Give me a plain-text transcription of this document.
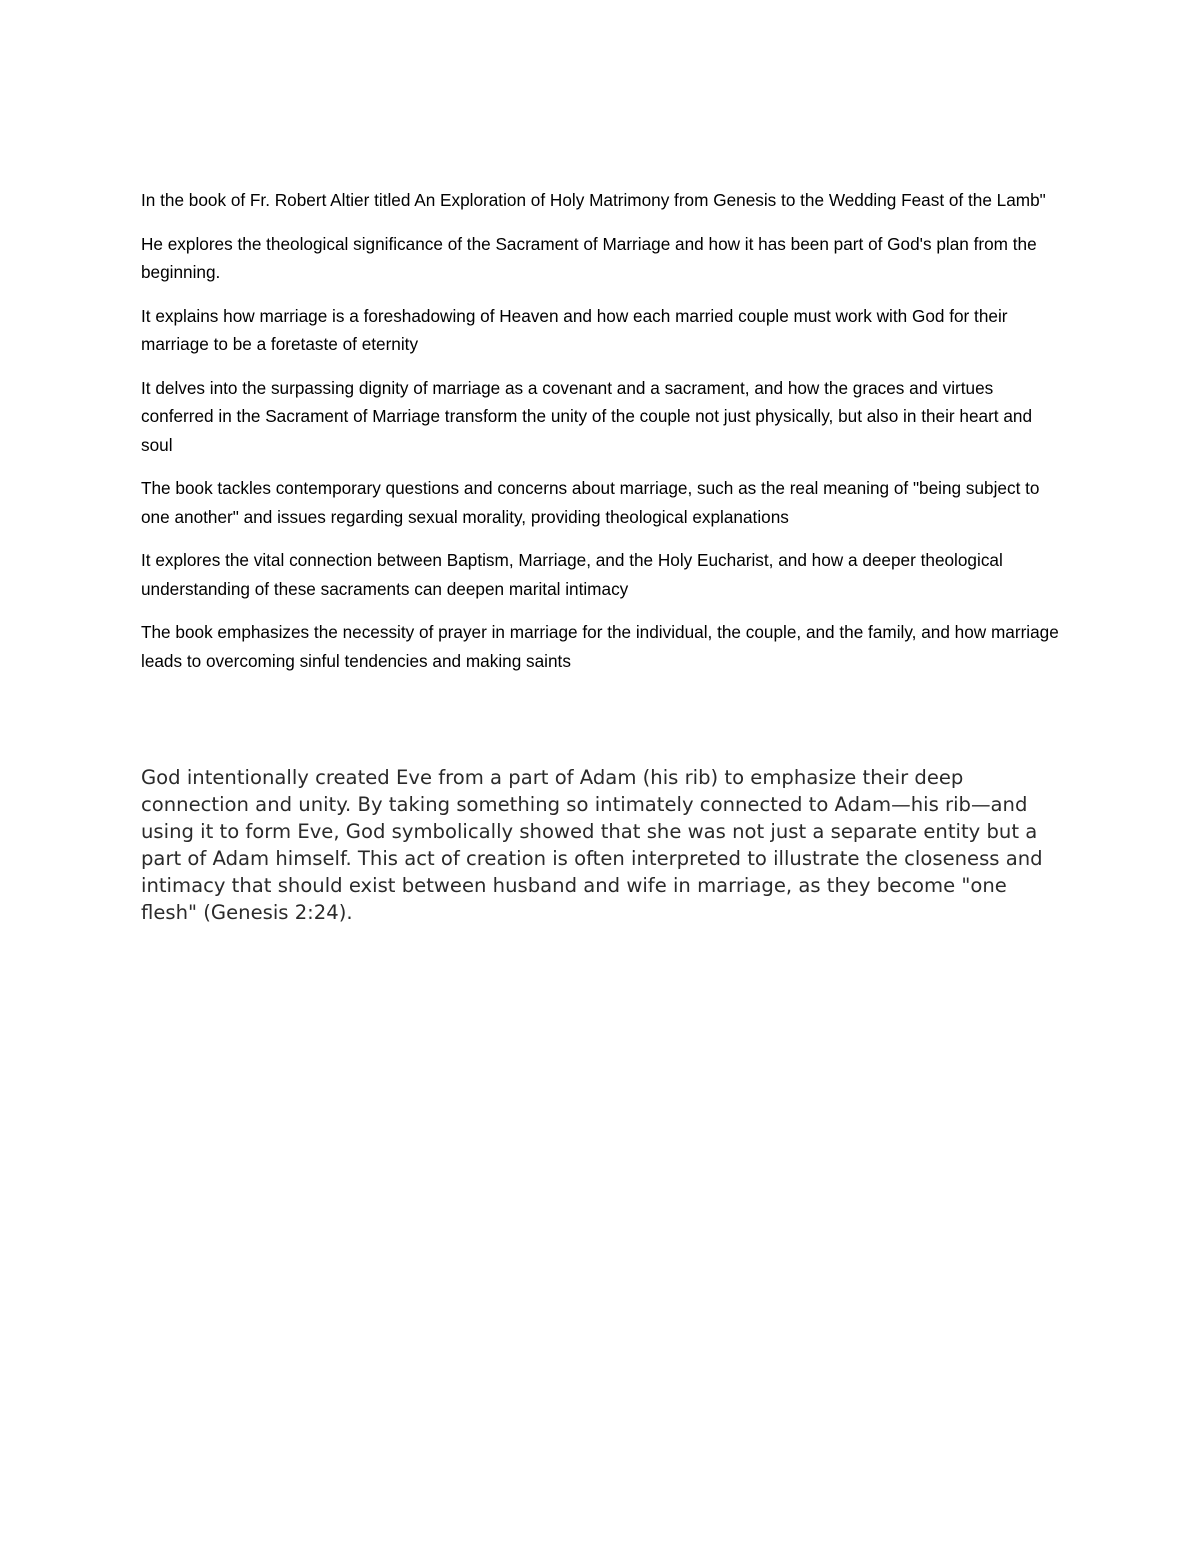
In the book of Fr. Robert Altier titled An Exploration of Holy Matrimony from Genesis to the Wedding Feast of the Lamb"

He explores the theological significance of the Sacrament of Marriage and how it has been part of God's plan from the beginning.

It explains how marriage is a foreshadowing of Heaven and how each married couple must work with God for their marriage to be a foretaste of eternity

It delves into the surpassing dignity of marriage as a covenant and a sacrament, and how the graces and virtues conferred in the Sacrament of Marriage transform the unity of the couple not just physically, but also in their heart and soul

The book tackles contemporary questions and concerns about marriage, such as the real meaning of "being subject to one another" and issues regarding sexual morality, providing theological explanations

It explores the vital connection between Baptism, Marriage, and the Holy Eucharist, and how a deeper theological understanding of these sacraments can deepen marital intimacy

The book emphasizes the necessity of prayer in marriage for the individual, the couple, and the family, and how marriage leads to overcoming sinful tendencies and making saints

God intentionally created Eve from a part of Adam (his rib) to emphasize their deep connection and unity. By taking something so intimately connected to Adam—his rib—and using it to form Eve, God symbolically showed that she was not just a separate entity but a part of Adam himself. This act of creation is often interpreted to illustrate the closeness and intimacy that should exist between husband and wife in marriage, as they become "one flesh" (Genesis 2:24).
